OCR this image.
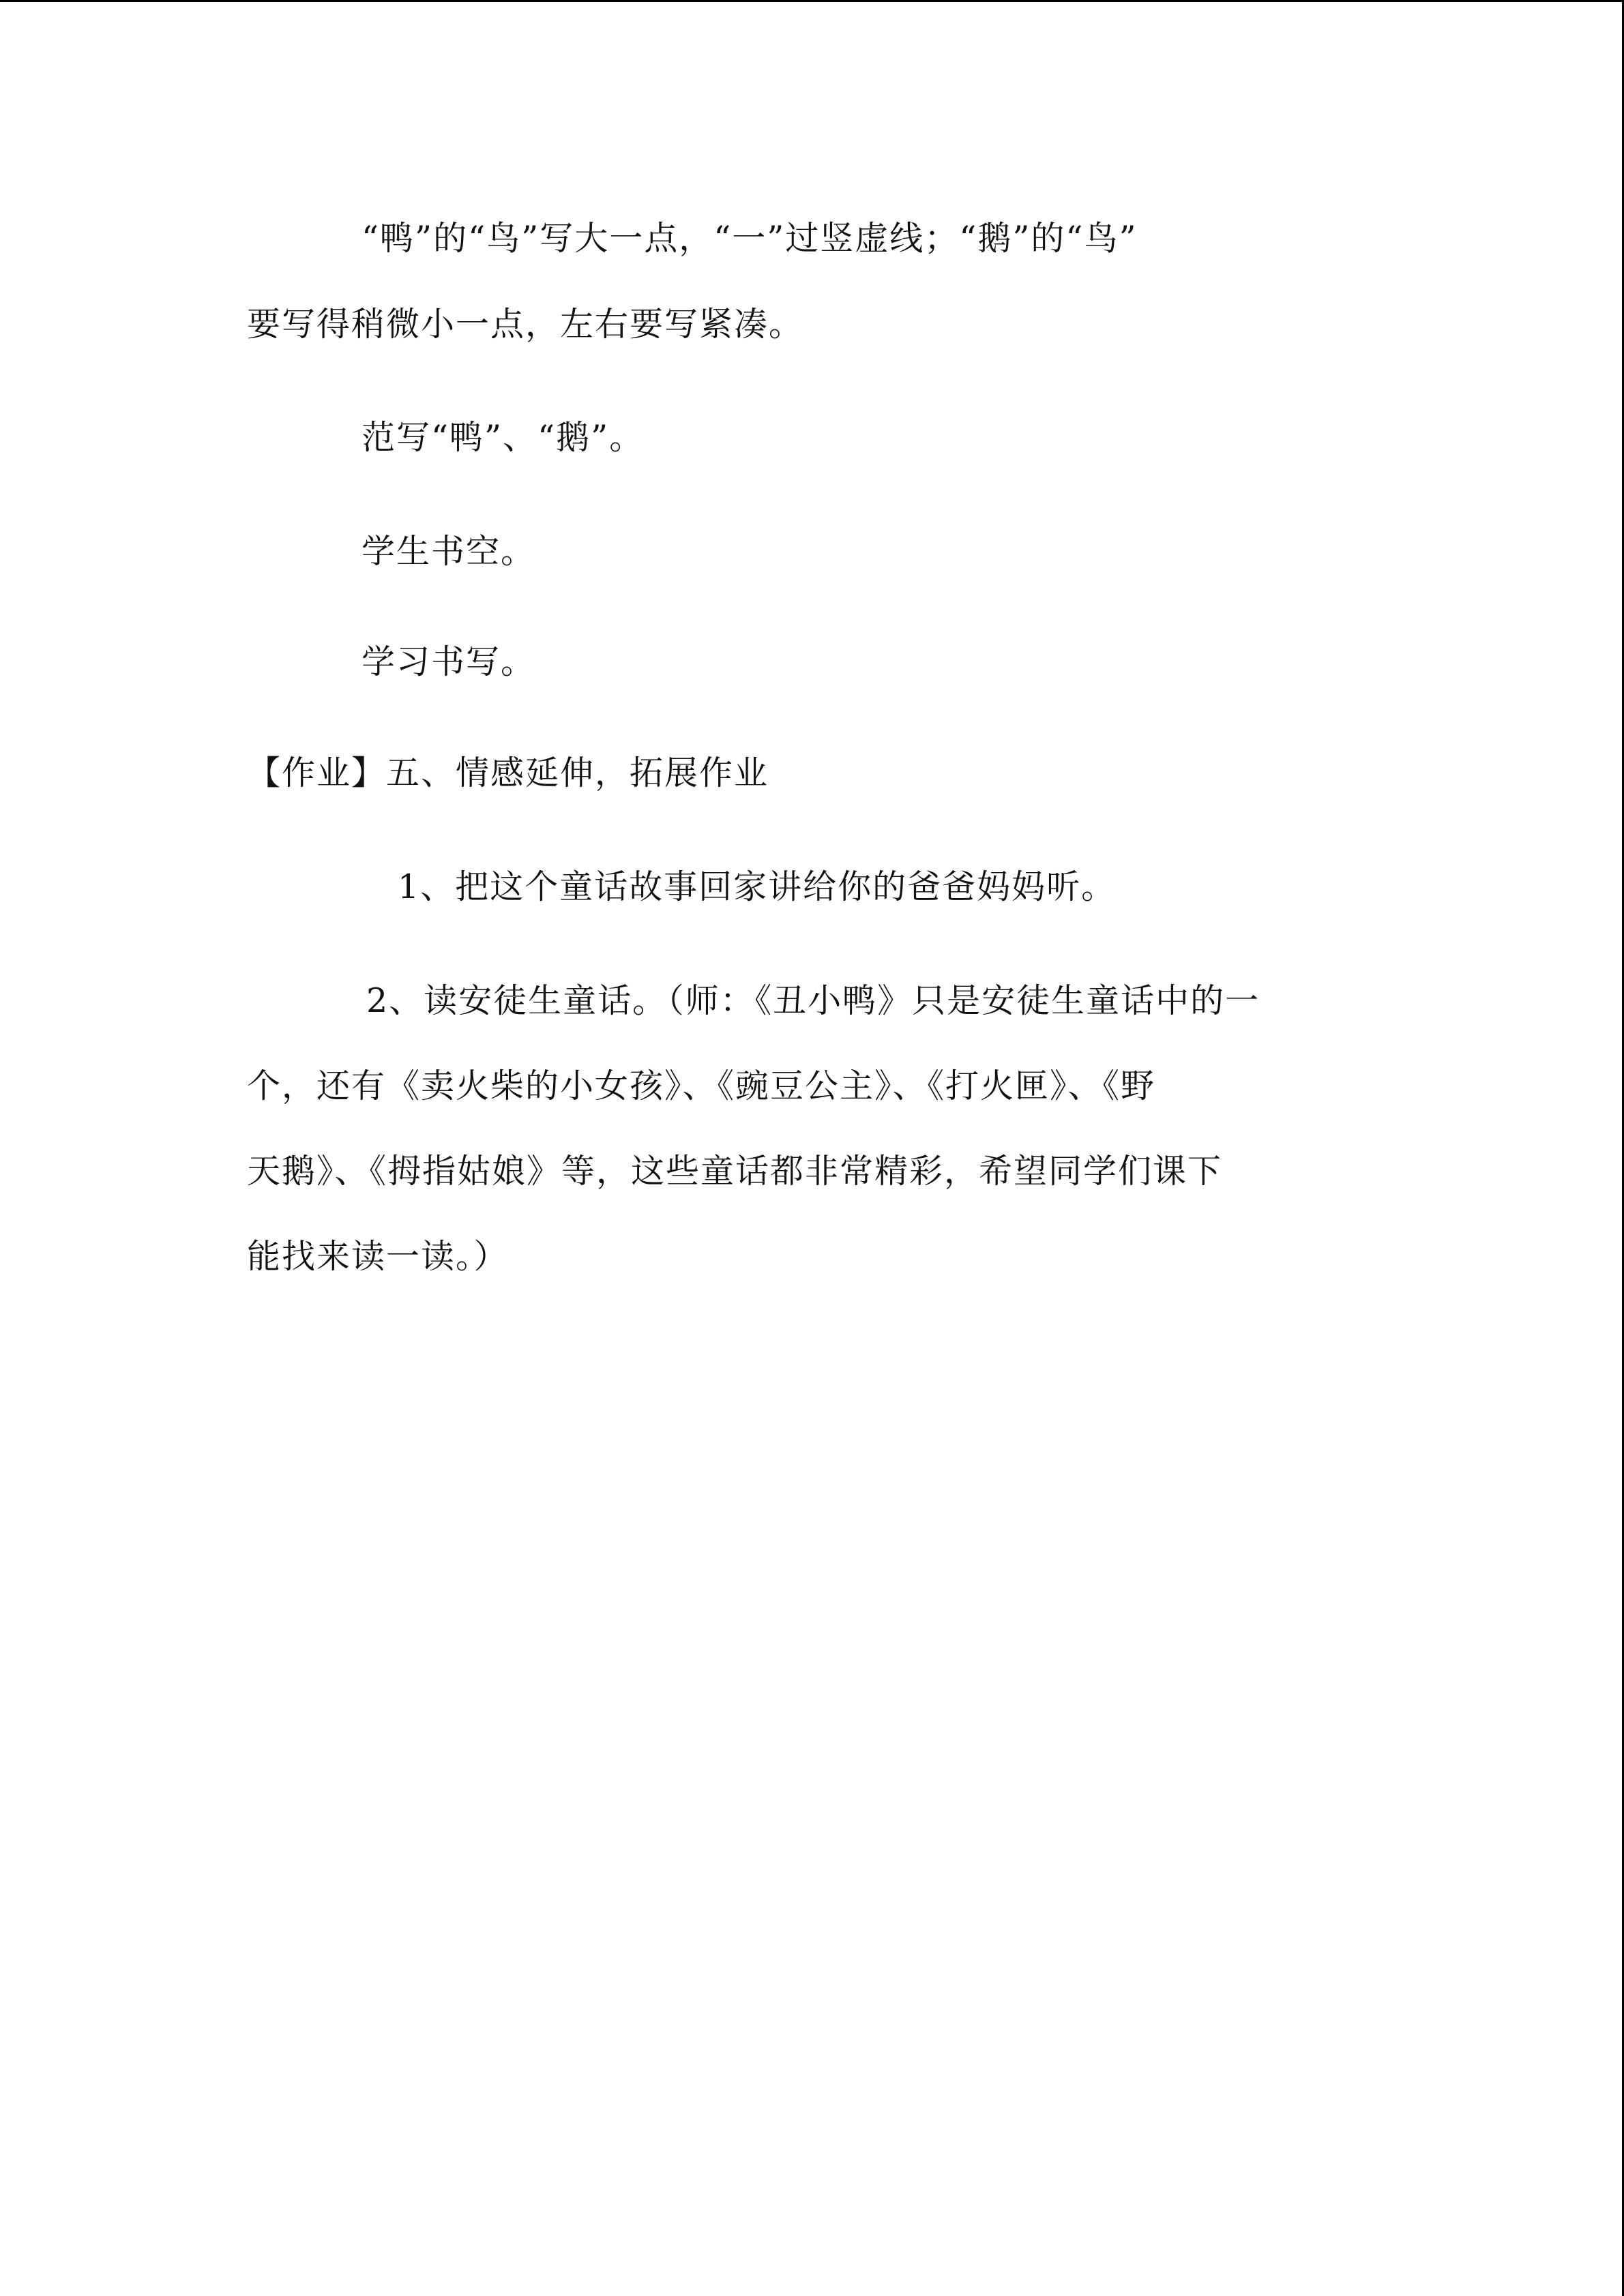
“鸭”的“鸟”写大一点，“一”过竖虚线；“鹅”的“鸟”
要写得稍微小一点，左右要写紧凑。
范写“鸭”、“鹅”。
学生书空。
学习书写。
【作业】五、情感延伸，拓展作业
1、把这个童话故事回家讲给你的爸爸妈妈听。
2、读安徒生童话。（师：《丑小鸭》只是安徒生童话中的一
个，还有《卖火柴的小女孩》、《豌豆公主》、《打火匣》、《野
天鹅》、《拇指姑娘》等，这些童话都非常精彩，希望同学们课下
能找来读一读。）
